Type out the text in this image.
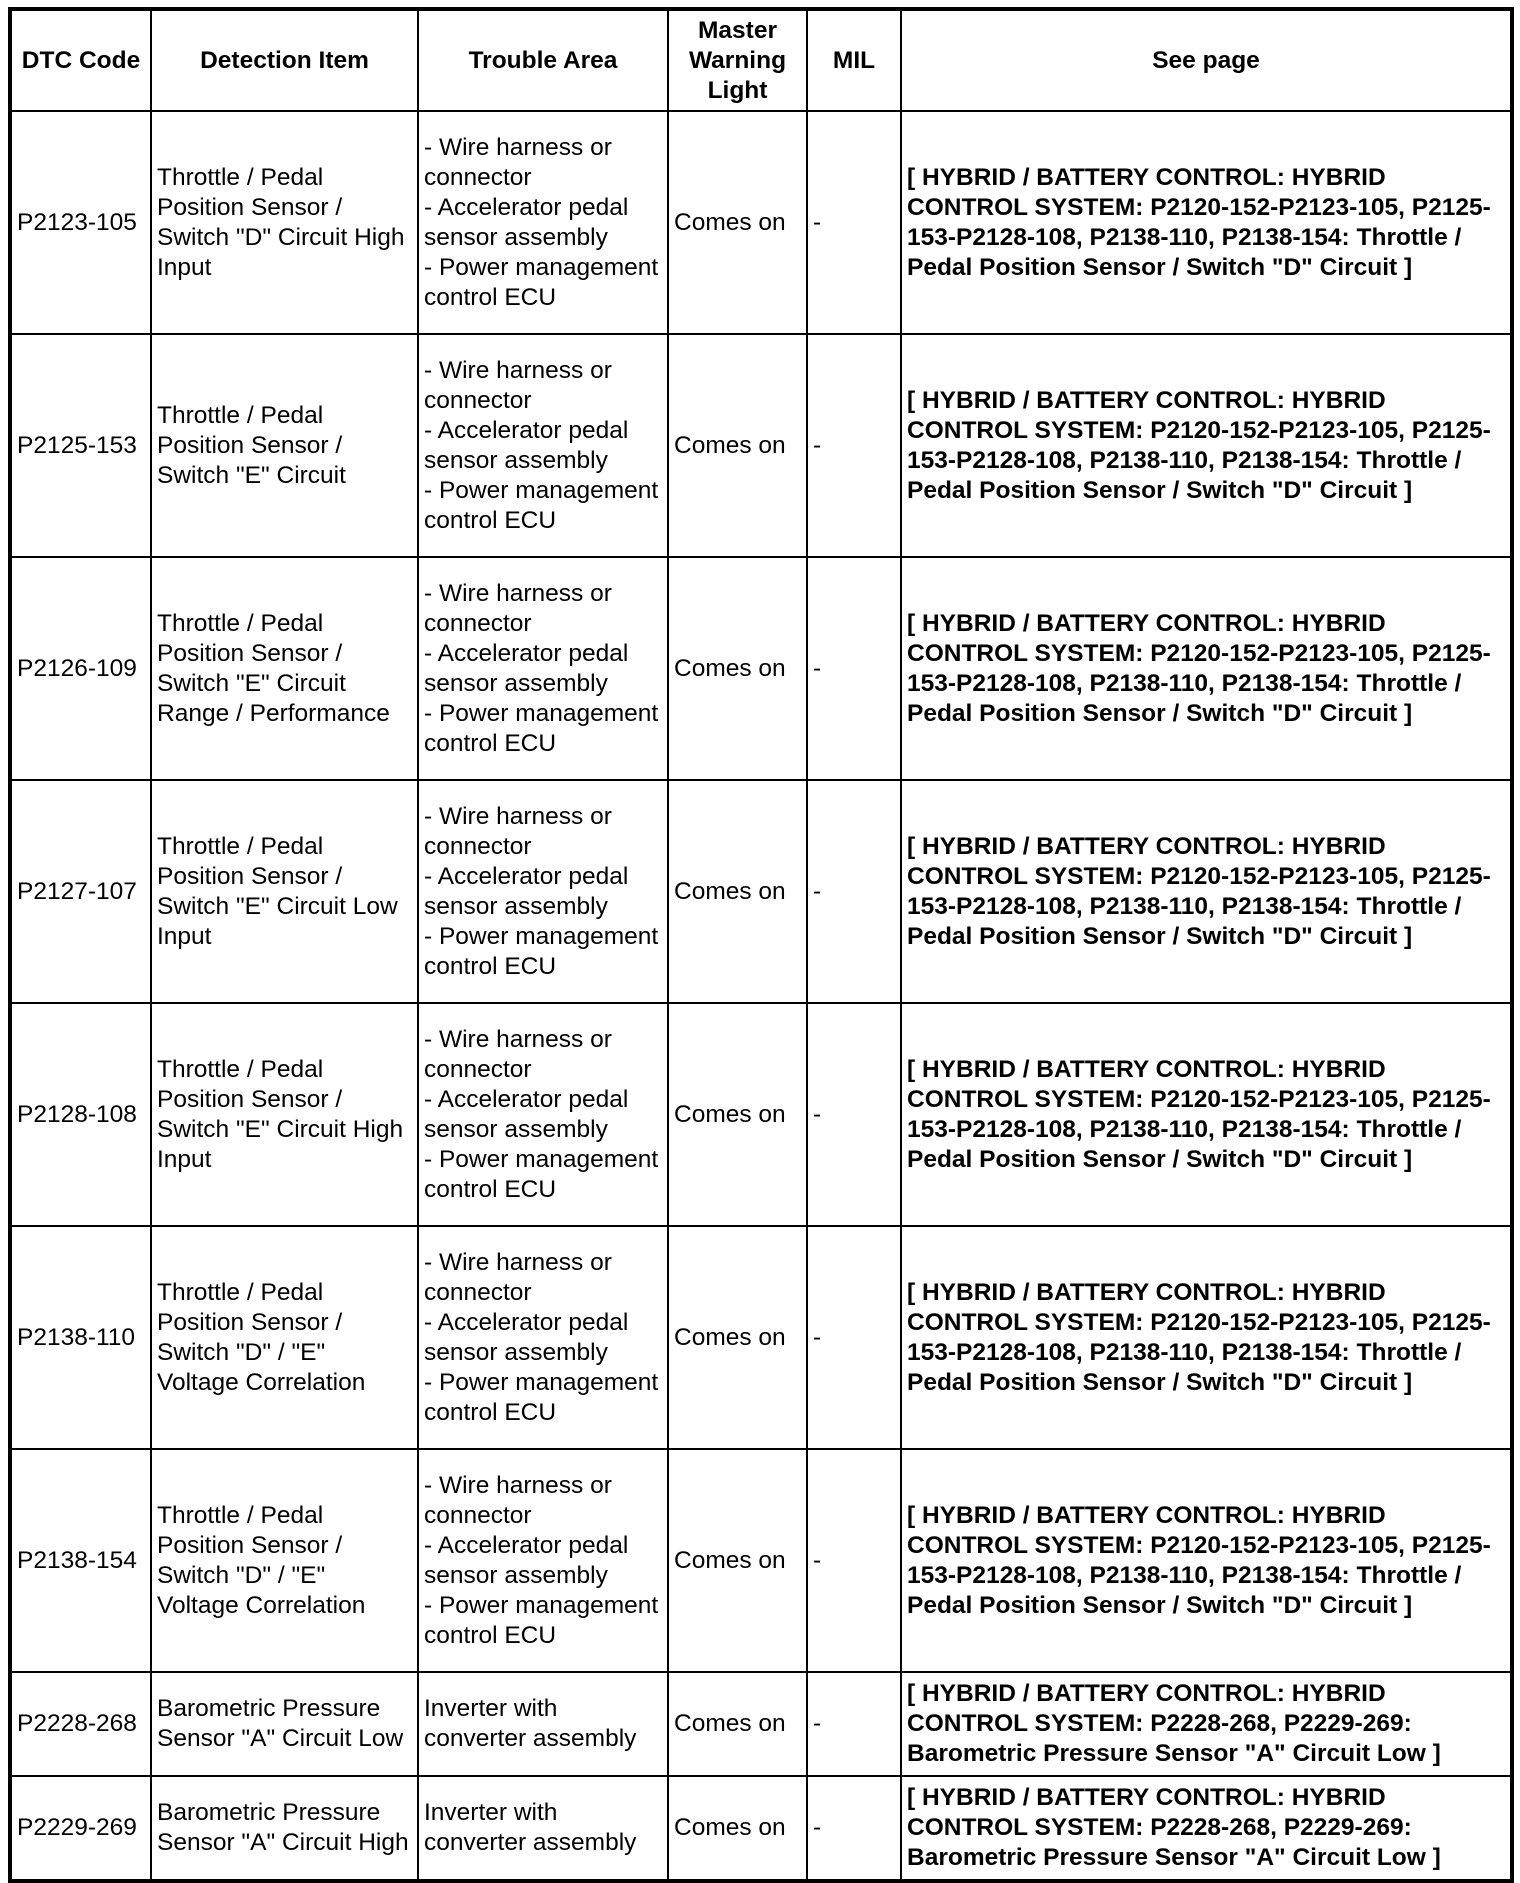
DTC Code	Detection Item	Trouble Area	Master Warning Light	MIL	See page
P2123-105	Throttle / Pedal Position Sensor / Switch "D" Circuit High Input	- Wire harness or connector
- Accelerator pedal sensor assembly
- Power management control ECU	Comes on	-	[ HYBRID / BATTERY CONTROL: HYBRID CONTROL SYSTEM: P2120-152-P2123-105, P2125-153-P2128-108, P2138-110, P2138-154: Throttle / Pedal Position Sensor / Switch "D" Circuit ]
P2125-153	Throttle / Pedal Position Sensor / Switch "E" Circuit	- Wire harness or connector
- Accelerator pedal sensor assembly
- Power management control ECU	Comes on	-	[ HYBRID / BATTERY CONTROL: HYBRID CONTROL SYSTEM: P2120-152-P2123-105, P2125-153-P2128-108, P2138-110, P2138-154: Throttle / Pedal Position Sensor / Switch "D" Circuit ]
P2126-109	Throttle / Pedal Position Sensor / Switch "E" Circuit Range / Performance	- Wire harness or connector
- Accelerator pedal sensor assembly
- Power management control ECU	Comes on	-	[ HYBRID / BATTERY CONTROL: HYBRID CONTROL SYSTEM: P2120-152-P2123-105, P2125-153-P2128-108, P2138-110, P2138-154: Throttle / Pedal Position Sensor / Switch "D" Circuit ]
P2127-107	Throttle / Pedal Position Sensor / Switch "E" Circuit Low Input	- Wire harness or connector
- Accelerator pedal sensor assembly
- Power management control ECU	Comes on	-	[ HYBRID / BATTERY CONTROL: HYBRID CONTROL SYSTEM: P2120-152-P2123-105, P2125-153-P2128-108, P2138-110, P2138-154: Throttle / Pedal Position Sensor / Switch "D" Circuit ]
P2128-108	Throttle / Pedal Position Sensor / Switch "E" Circuit High Input	- Wire harness or connector
- Accelerator pedal sensor assembly
- Power management control ECU	Comes on	-	[ HYBRID / BATTERY CONTROL: HYBRID CONTROL SYSTEM: P2120-152-P2123-105, P2125-153-P2128-108, P2138-110, P2138-154: Throttle / Pedal Position Sensor / Switch "D" Circuit ]
P2138-110	Throttle / Pedal Position Sensor / Switch "D" / "E" Voltage Correlation	- Wire harness or connector
- Accelerator pedal sensor assembly
- Power management control ECU	Comes on	-	[ HYBRID / BATTERY CONTROL: HYBRID CONTROL SYSTEM: P2120-152-P2123-105, P2125-153-P2128-108, P2138-110, P2138-154: Throttle / Pedal Position Sensor / Switch "D" Circuit ]
P2138-154	Throttle / Pedal Position Sensor / Switch "D" / "E" Voltage Correlation	- Wire harness or connector
- Accelerator pedal sensor assembly
- Power management control ECU	Comes on	-	[ HYBRID / BATTERY CONTROL: HYBRID CONTROL SYSTEM: P2120-152-P2123-105, P2125-153-P2128-108, P2138-110, P2138-154: Throttle / Pedal Position Sensor / Switch "D" Circuit ]
P2228-268	Barometric Pressure Sensor "A" Circuit Low	Inverter with converter assembly	Comes on	-	[ HYBRID / BATTERY CONTROL: HYBRID CONTROL SYSTEM: P2228-268, P2229-269: Barometric Pressure Sensor "A" Circuit Low ]
P2229-269	Barometric Pressure Sensor "A" Circuit High	Inverter with converter assembly	Comes on	-	[ HYBRID / BATTERY CONTROL: HYBRID CONTROL SYSTEM: P2228-268, P2229-269: Barometric Pressure Sensor "A" Circuit Low ]
